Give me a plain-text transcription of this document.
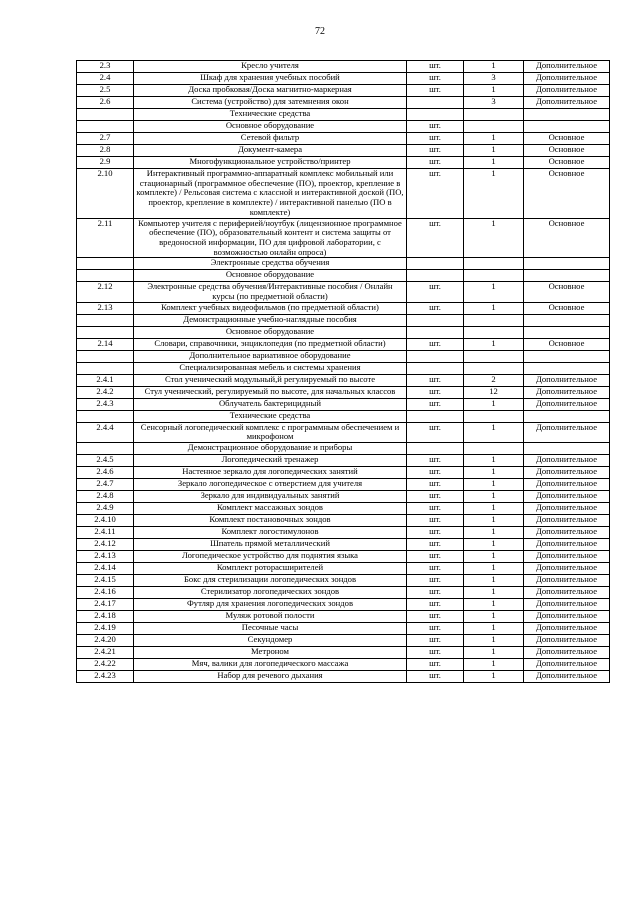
72
2.3	Кресло учителя	шт.	1	Дополнительное
2.4	Шкаф для хранения учебных пособий	шт.	3	Дополнительное
2.5	Доска пробковая/Доска магнитно-маркерная	шт.	1	Дополнительное
2.6	Система (устройство) для затемнения окон		3	Дополнительное
	Технические средства			
	Основное оборудование	шт.		
2.7	Сетевой фильтр	шт.	1	Основное
2.8	Документ-камера	шт.	1	Основное
2.9	Многофункциональное устройство/принтер	шт.	1	Основное
2.10	Интерактивный программно-аппаратный комплекс мобильный или стационарный (программное обеспечение (ПО), проектор, крепление в комплекте) / Рельсовая система с классной и интерактивной доской (ПО, проектор, крепление в комплекте) / интерактивной панелью (ПО в комплекте)	шт.	1	Основное
2.11	Компьютер учителя с периферией/ноутбук (лицензионное программное обеспечение (ПО), образовательный контент и система защиты от вредоносной информации, ПО для цифровой лаборатории, с возможностью онлайн опроса)	шт.	1	Основное
	Электронные средства обучения			
	Основное оборудование			
2.12	Электронные средства обучения/Интерактивные пособия / Онлайн курсы (по предметной области)	шт.	1	Основное
2.13	Комплект учебных видеофильмов (по предметной области)	шт.	1	Основное
	Демонстрационные учебно-наглядные пособия			
	Основное оборудование			
2.14	Словари, справочники, энциклопедия (по предметной области)	шт.	1	Основное
	Дополнительное вариативное оборудование			
	Специализированная мебель и системы хранения			
2.4.1	Стол ученический модульный,й регулируемый по высоте	шт.	2	Дополнительное
2.4.2	Стул ученический, регулируемый по высоте, для начальных классов	шт.	12	Дополнительное
2.4.3	Облучатель бактерицидный	шт.	1	Дополнительное
	Технические средства			
2.4.4	Сенсорный логопедический комплекс с программным обеспечением и микрофоном	шт.	1	Дополнительное
	Демонстрационное оборудование и приборы			
2.4.5	Логопедический тренажер	шт.	1	Дополнительное
2.4.6	Настенное зеркало для логопедических занятий	шт.	1	Дополнительное
2.4.7	Зеркало логопедическое с отверстием для учителя	шт.	1	Дополнительное
2.4.8	Зеркало для индивидуальных занятий	шт.	1	Дополнительное
2.4.9	Комплект массажных зондов	шт.	1	Дополнительное
2.4.10	Комплект постановочных зондов	шт.	1	Дополнительное
2.4.11	Комплект логостимулонов	шт.	1	Дополнительное
2.4.12	Шпатель прямой металлический	шт.	1	Дополнительное
2.4.13	Логопедическое устройство для поднятия языка	шт.	1	Дополнительное
2.4.14	Комплект роторасширителей	шт.	1	Дополнительное
2.4.15	Бокс для стерилизации логопедических зондов	шт.	1	Дополнительное
2.4.16	Стерилизатор логопедических зондов	шт.	1	Дополнительное
2.4.17	Футляр для хранения логопедических зондов	шт.	1	Дополнительное
2.4.18	Муляж ротовой полости	шт.	1	Дополнительное
2.4.19	Песочные часы	шт.	1	Дополнительное
2.4.20	Секундомер	шт.	1	Дополнительное
2.4.21	Метроном	шт.	1	Дополнительное
2.4.22	Мяч, валики для логопедического массажа	шт.	1	Дополнительное
2.4.23	Набор для речевого дыхания	шт.	1	Дополнительное
